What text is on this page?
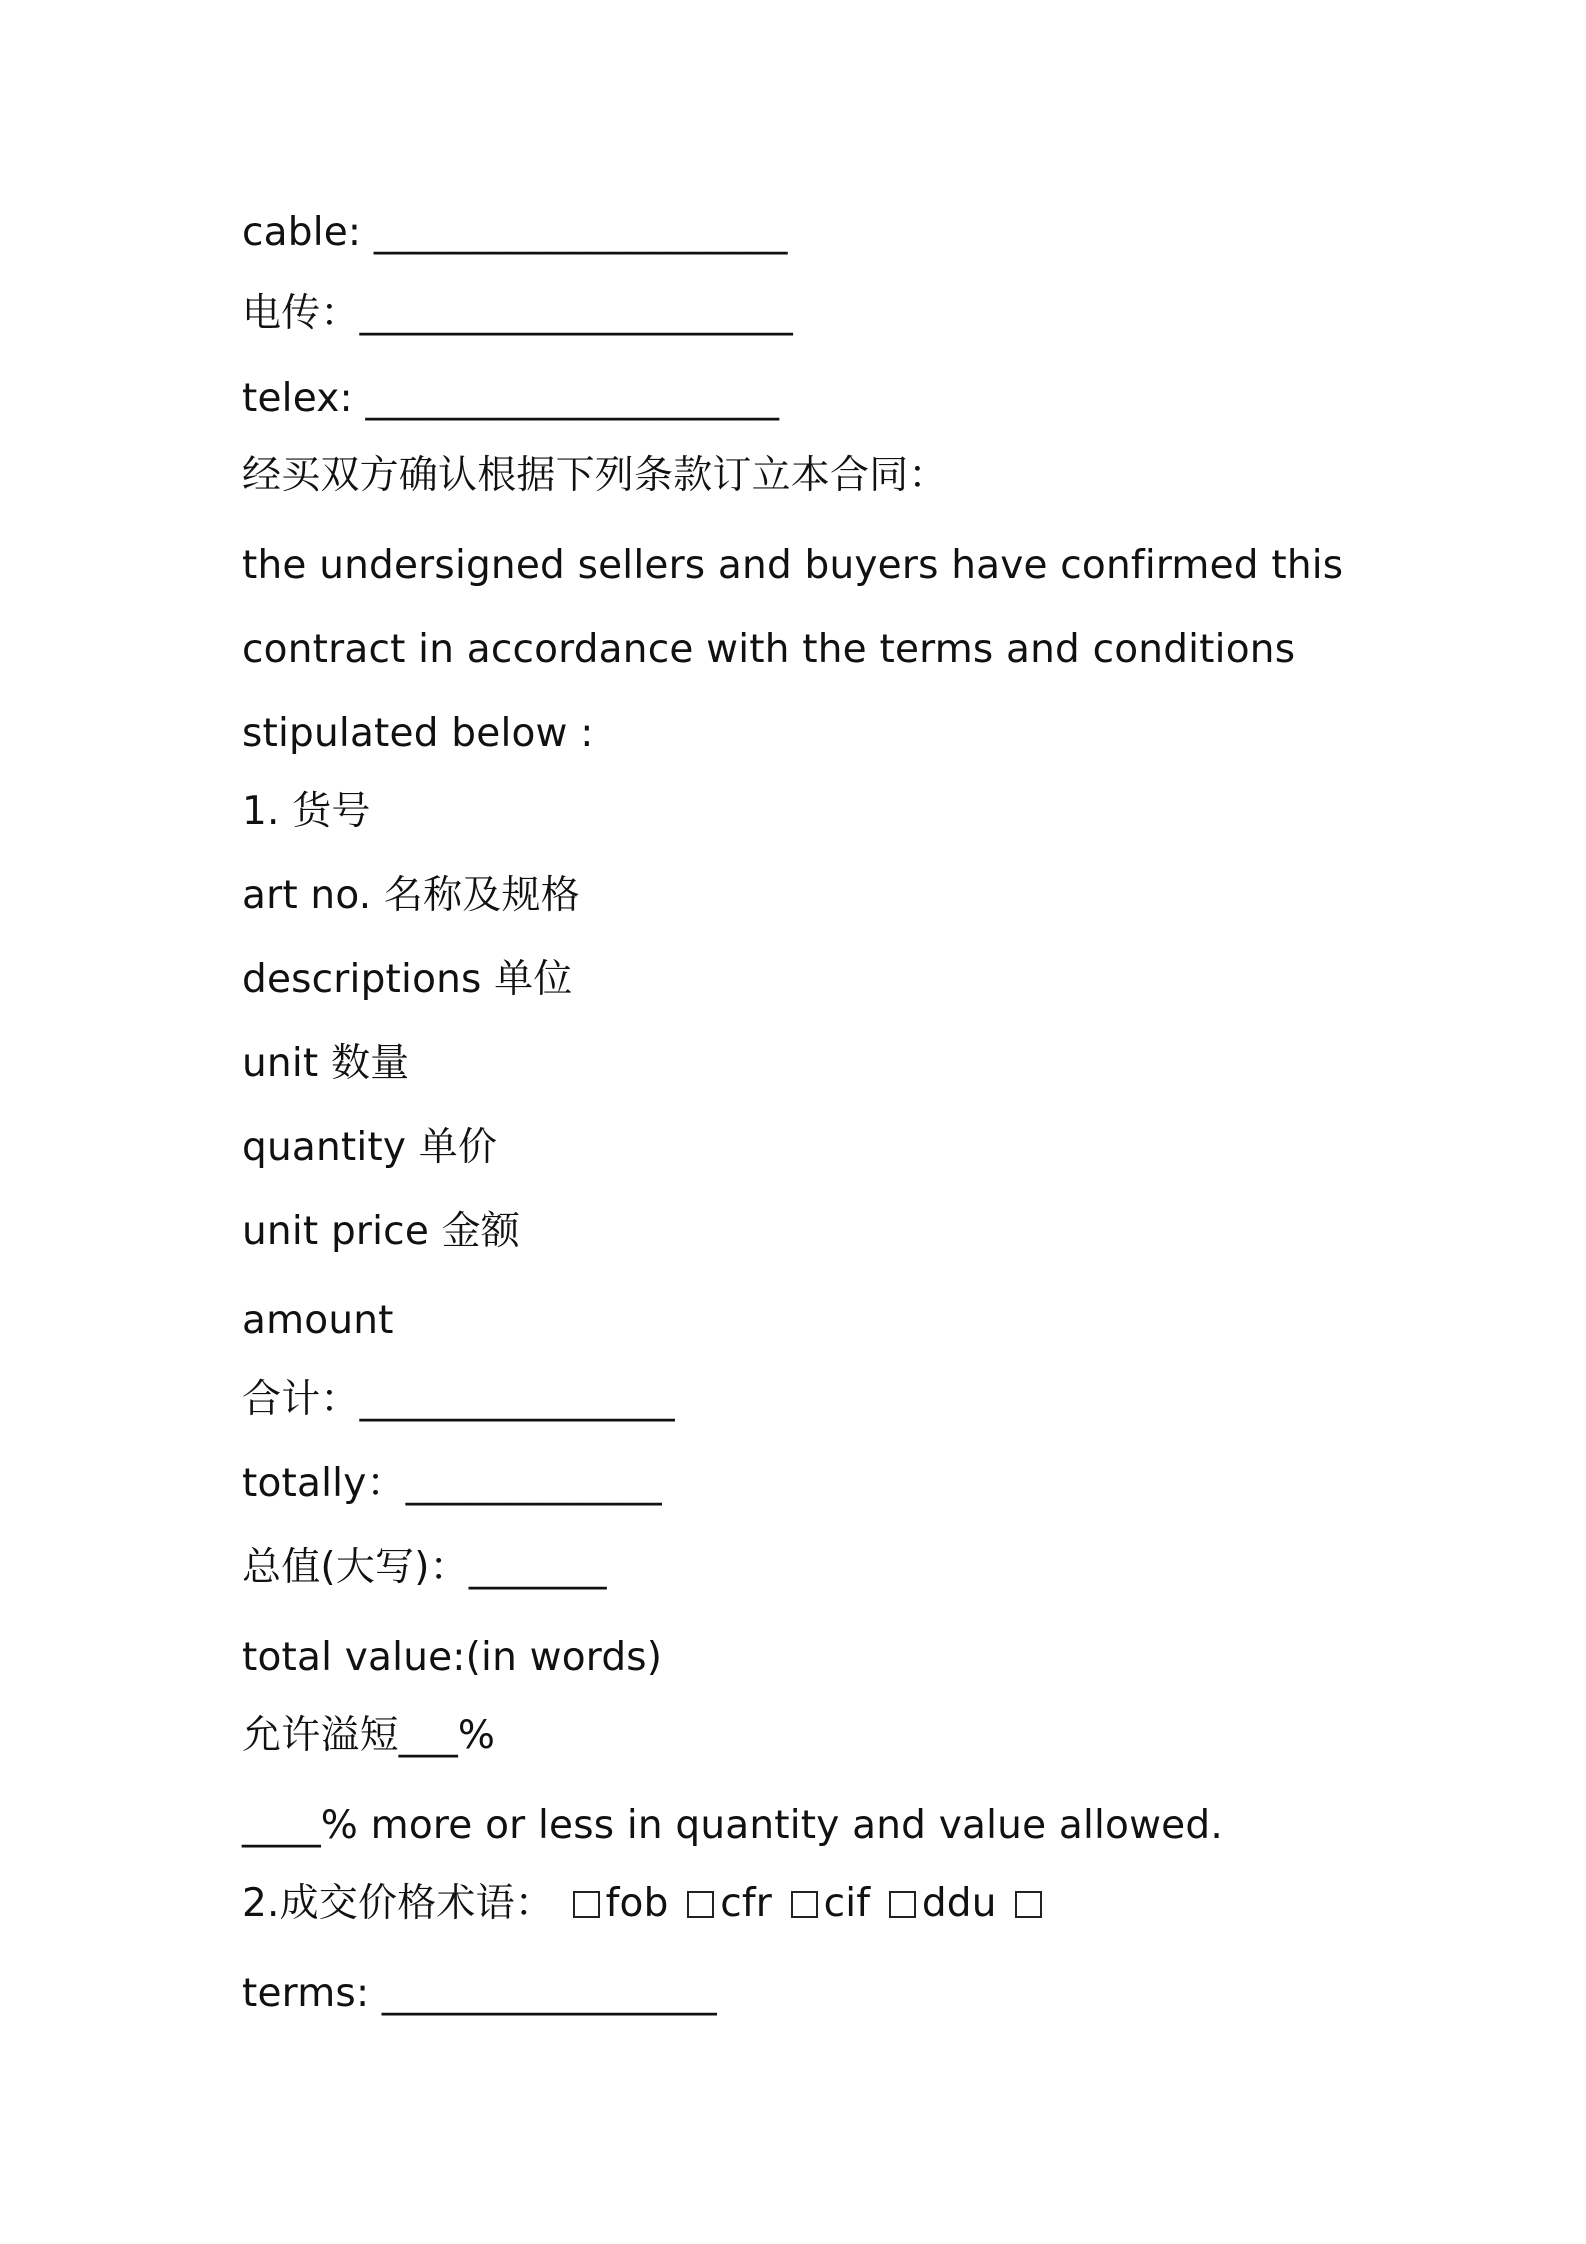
cable: _____________________
电传：______________________
telex: _____________________
经买双方确认根据下列条款订立本合同：
the undersigned sellers and buyers have confirmed this
contract in accordance with the terms and conditions
stipulated below :
1. 货号
art no. 名称及规格
descriptions 单位
unit 数量
quantity 单价
unit price 金额
amount
合计：________________
totally：_____________
总值(大写)：_______
total value:(in words)
允许溢短___%
____% more or less in quantity and value allowed.
2.成交价格术语： fob cfr cif ddu
terms: _________________
